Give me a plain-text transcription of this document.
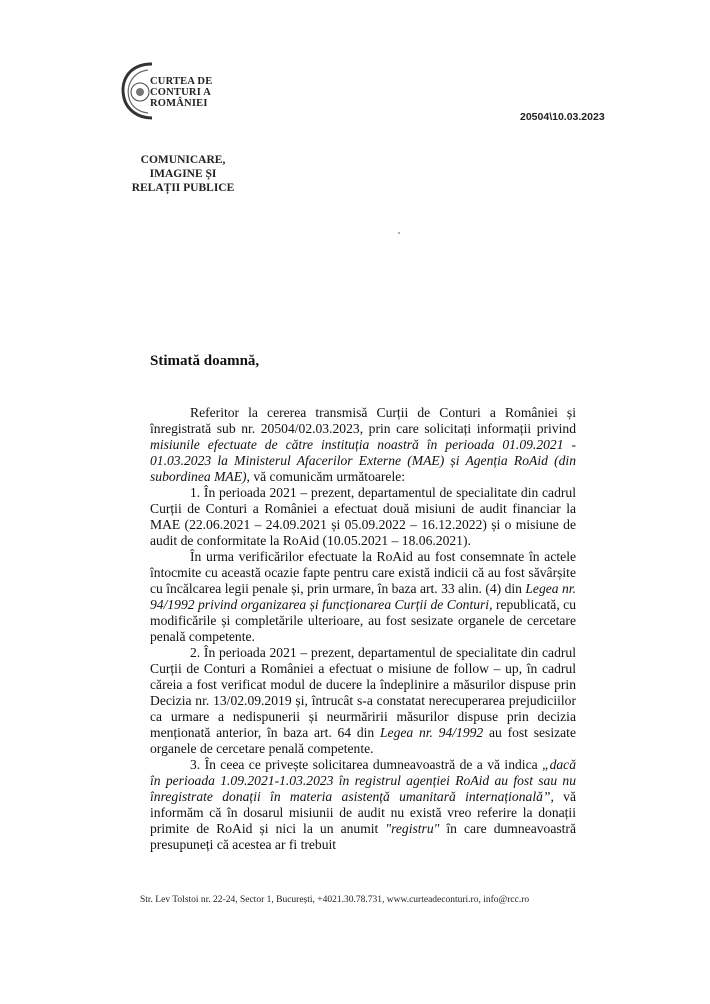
CURTEA DE
CONTURI A
ROMÂNIEI
20504\10.03.2023
COMUNICARE,
IMAGINE ȘI
RELAȚII PUBLICE
Stimată doamnă,

Referitor la cererea transmisă Curții de Conturi a României și înregistrată sub nr. 20504/02.03.2023, prin care solicitați informații privind misiunile efectuate de către instituția noastră în perioada 01.09.2021 - 01.03.2023 la Ministerul Afacerilor Externe (MAE) și Agenția RoAid (din subordinea MAE), vă comunicăm următoarele:

1. În perioada 2021 – prezent, departamentul de specialitate din cadrul Curții de Conturi a României a efectuat două misiuni de audit financiar la MAE (22.06.2021 – 24.09.2021 și 05.09.2022 – 16.12.2022) și o misiune de audit de conformitate la RoAid (10.05.2021 – 18.06.2021).

În urma verificărilor efectuate la RoAid au fost consemnate în actele întocmite cu această ocazie fapte pentru care există indicii că au fost săvârșite cu încălcarea legii penale și, prin urmare, în baza art. 33 alin. (4) din Legea nr. 94/1992 privind organizarea și funcționarea Curții de Conturi, republicată, cu modificările și completările ulterioare, au fost sesizate organele de cercetare penală competente.

2. În perioada 2021 – prezent, departamentul de specialitate din cadrul Curții de Conturi a României a efectuat o misiune de follow – up, în cadrul căreia a fost verificat modul de ducere la îndeplinire a măsurilor dispuse prin Decizia nr. 13/02.09.2019 și, întrucât s-a constatat nerecuperarea prejudiciilor ca urmare a nedispunerii și neurmăririi măsurilor dispuse prin decizia menționată anterior, în baza art. 64 din Legea nr. 94/1992 au fost sesizate organele de cercetare penală competente.

3. În ceea ce privește solicitarea dumneavoastră de a vă indica „dacă în perioada 1.09.2021-1.03.2023 în registrul agenției RoAid au fost sau nu înregistrate donații în materia asistență umanitară internațională”, vă informăm că în dosarul misiunii de audit nu există vreo referire la donații primite de RoAid și nici la un anumit "registru" în care dumneavoastră presupuneți că acestea ar fi trebuit

Str. Lev Tolstoi nr. 22-24, Sector 1, București, +4021.30.78.731, www.curteadeconturi.ro, info@rcc.ro
